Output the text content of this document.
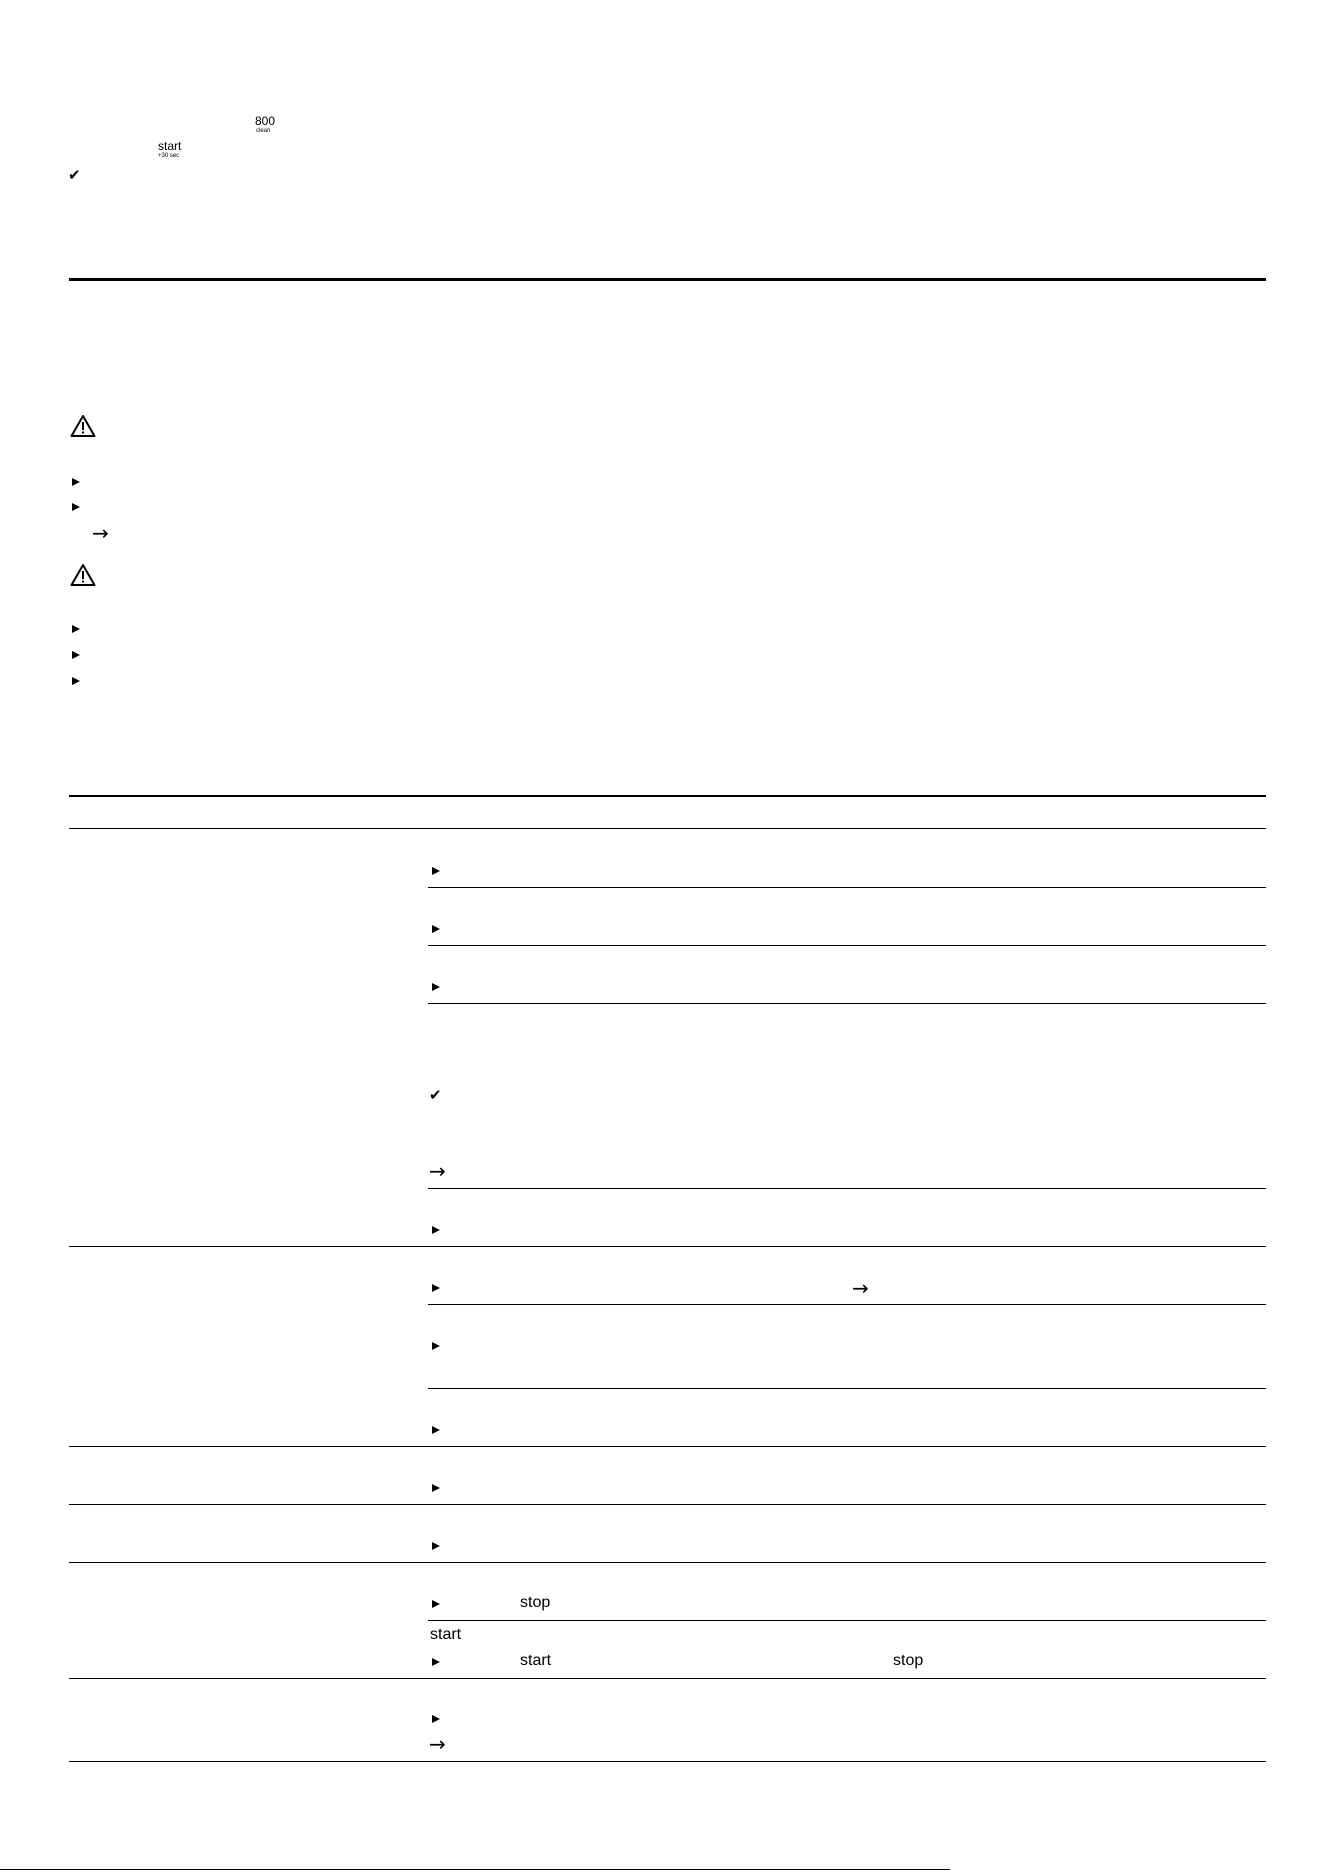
800
clean
start
+30 sec
✔
→
✔
→
→
stop
start
start	stop
→
